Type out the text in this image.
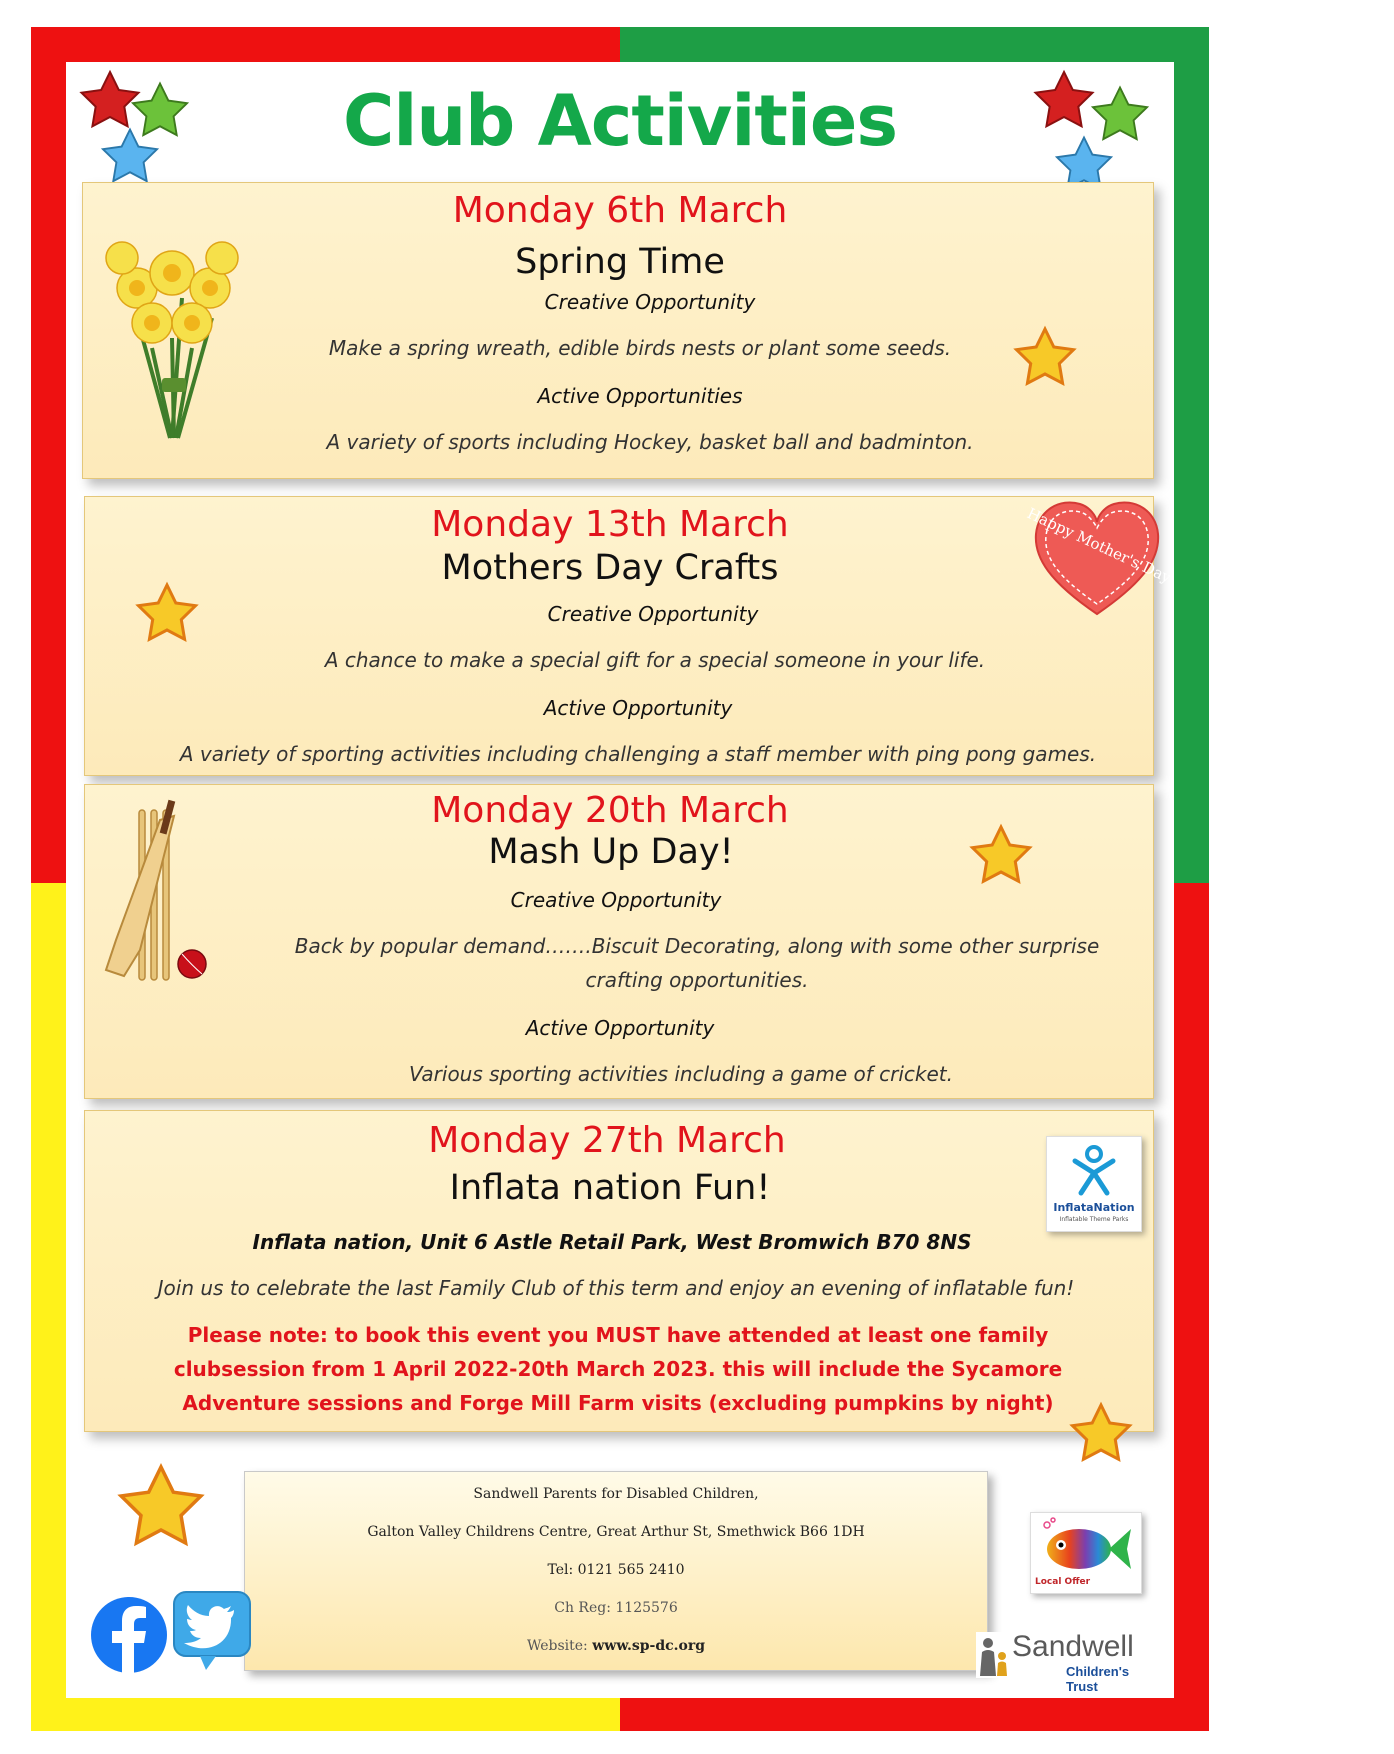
Club Activities
Monday 6th March
Spring Time
Creative Opportunity
Make a spring wreath, edible birds nests or plant some seeds.
Active Opportunities
A variety of sports including Hockey, basket ball and badminton.
Monday 13th March
Mothers Day Crafts
Creative Opportunity
A chance to make a special gift for a special someone in your life.
Active Opportunity
A variety of sporting activities including challenging a staff member with ping pong games.
Happy Mother's Day
Monday 20th March
Mash Up Day!
Creative Opportunity
Back by popular demand…….Biscuit Decorating, along with some other surprise
crafting opportunities.
Active Opportunity
Various sporting activities including a game of cricket.
Monday 27th March
Inflata nation Fun!
Inflata nation, Unit 6 Astle Retail Park, West Bromwich B70 8NS
Join us to celebrate the last Family Club of this term and enjoy an evening of inflatable fun!
Please note: to book this event you MUST have attended at least one family clubsession from 1 April 2022-20th March 2023. this will include the Sycamore Adventure sessions and Forge Mill Farm visits (excluding pumpkins by night)
InflataNation
Inflatable Theme Parks
Sandwell Parents for Disabled Children,
Galton Valley Childrens Centre, Great Arthur St, Smethwick B66 1DH
Tel: 0121 565 2410
Ch Reg: 1125576
Website: www.sp-dc.org
Local Offer
Sandwell
Children's Trust
